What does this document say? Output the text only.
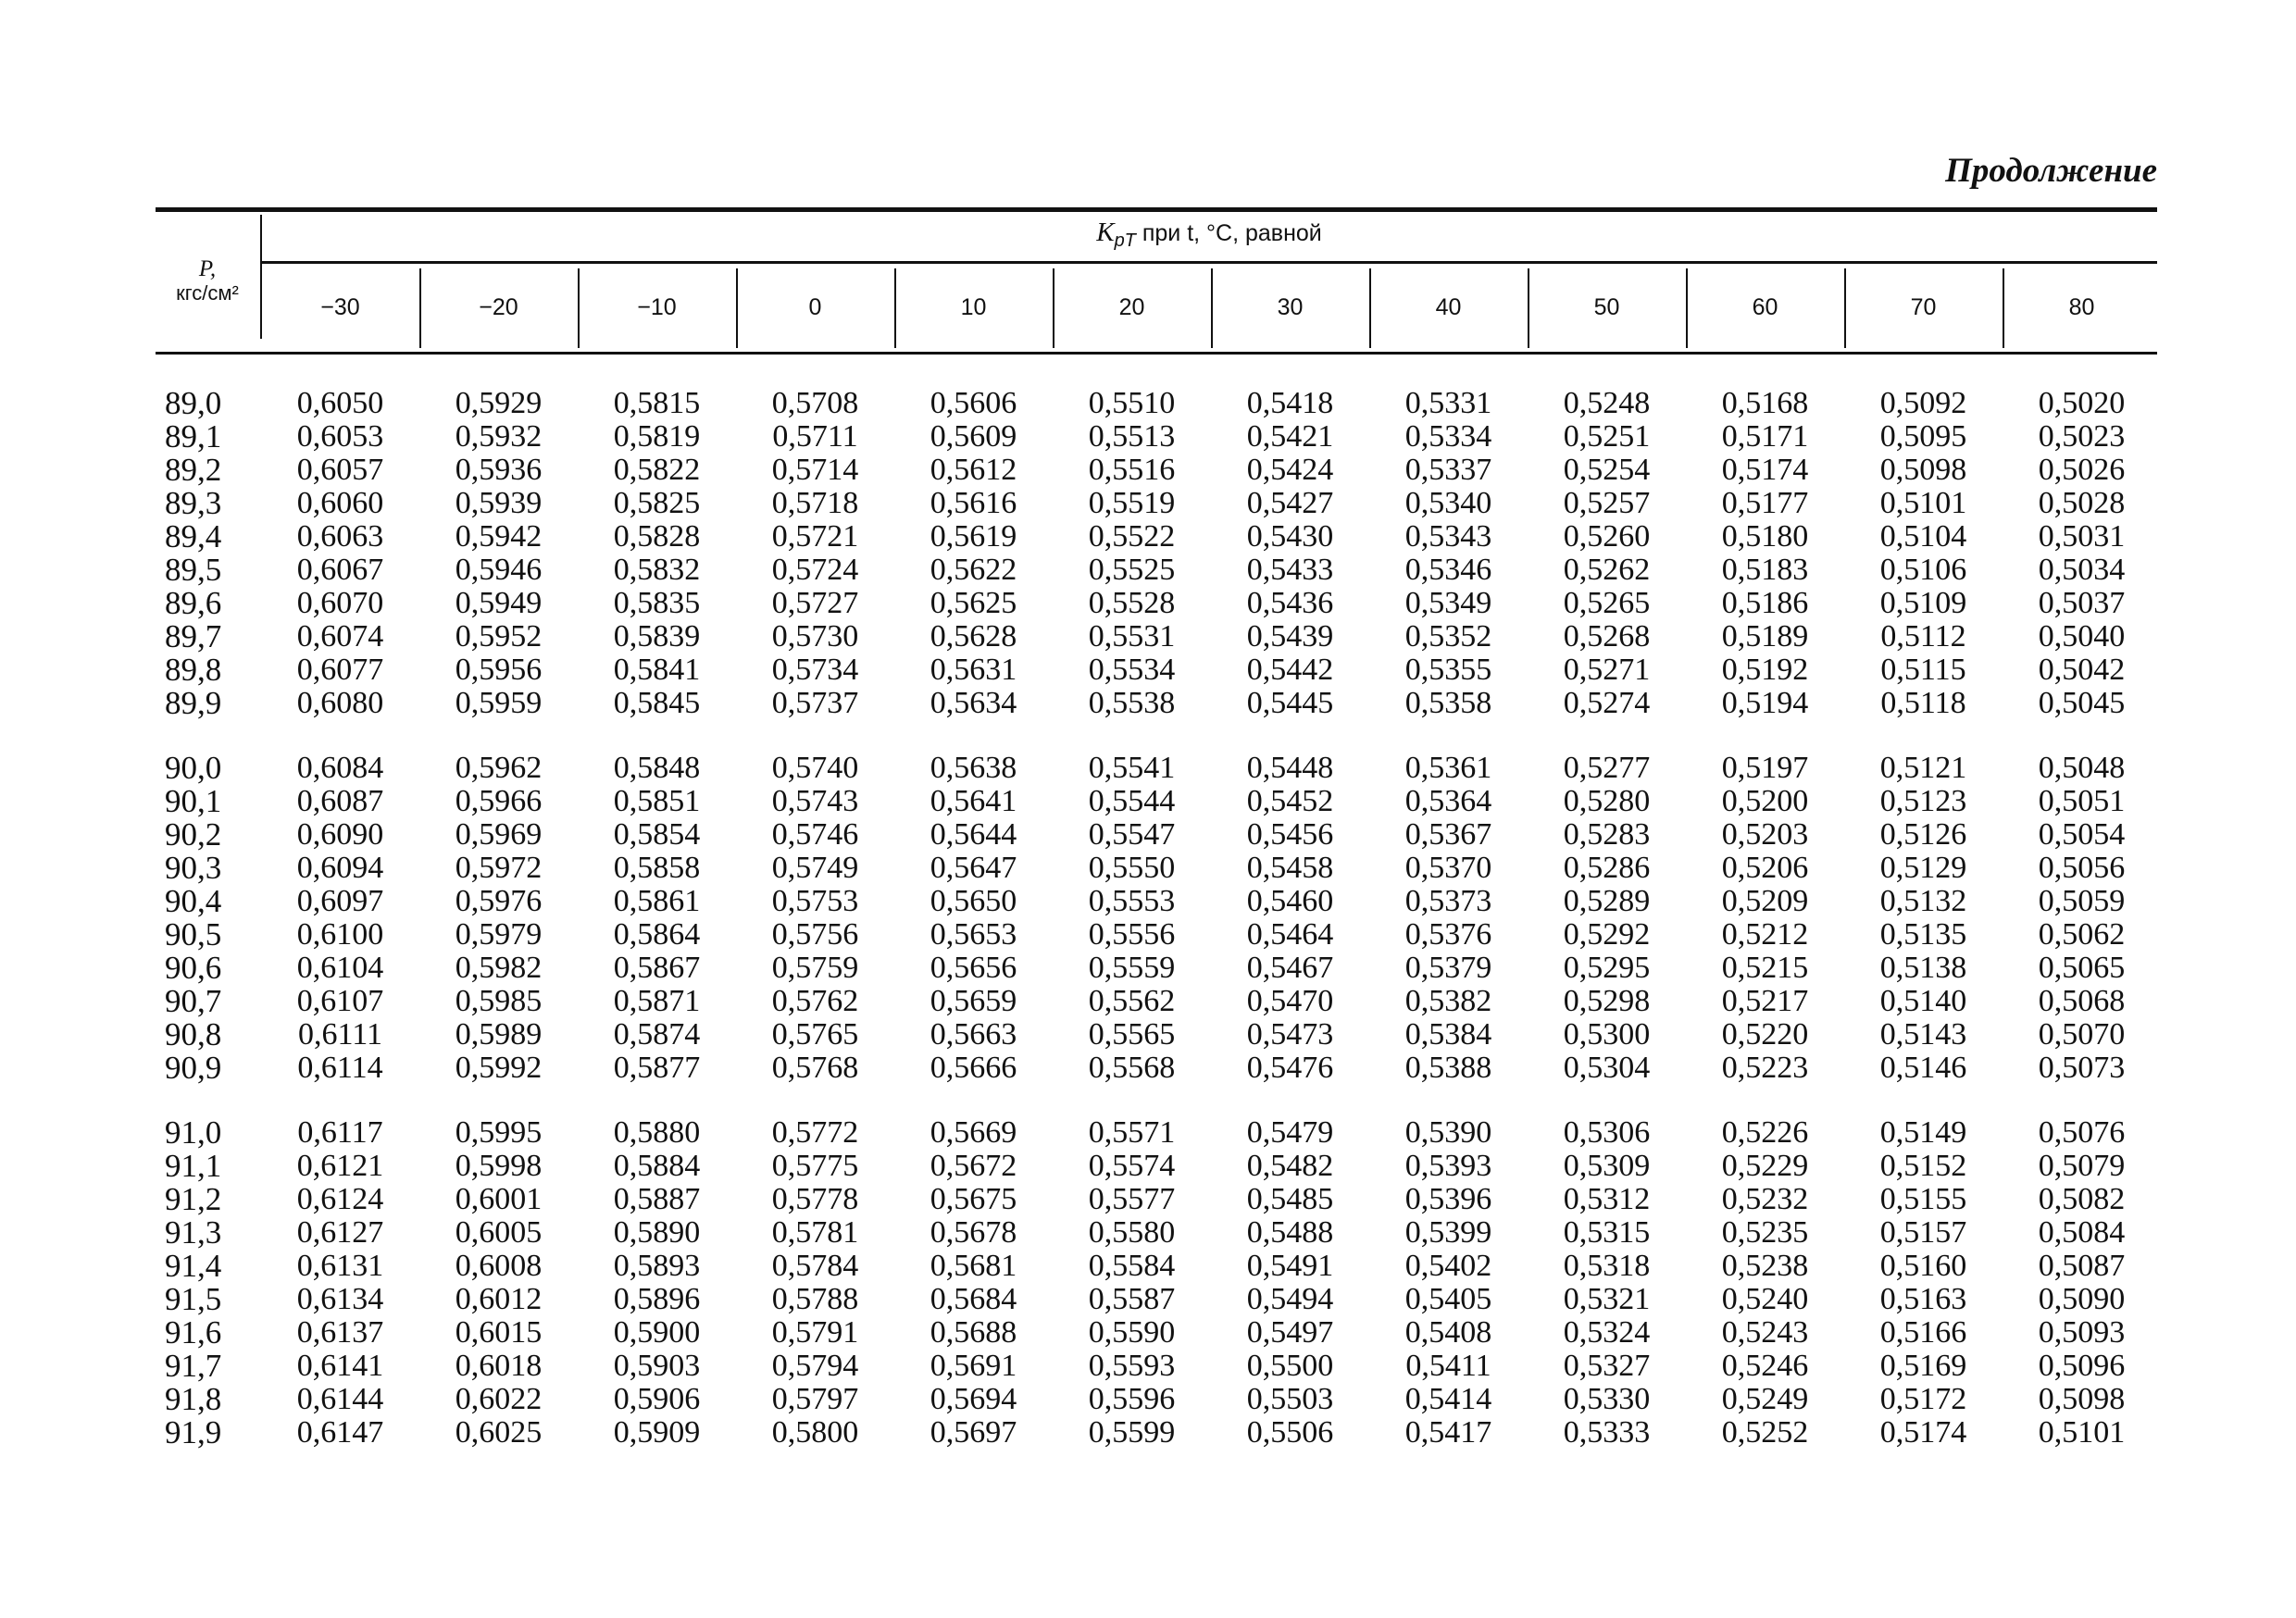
Продолжение
P,
кгс/см²
$K_{pT}$ при t, °C, равной
−30	−20	−10	0	10	20	30	40	50	60	70	80
89,0	0,6050	0,5929	0,5815	0,5708	0,5606	0,5510	0,5418	0,5331	0,5248	0,5168	0,5092	0,5020
89,1	0,6053	0,5932	0,5819	0,5711	0,5609	0,5513	0,5421	0,5334	0,5251	0,5171	0,5095	0,5023
89,2	0,6057	0,5936	0,5822	0,5714	0,5612	0,5516	0,5424	0,5337	0,5254	0,5174	0,5098	0,5026
89,3	0,6060	0,5939	0,5825	0,5718	0,5616	0,5519	0,5427	0,5340	0,5257	0,5177	0,5101	0,5028
89,4	0,6063	0,5942	0,5828	0,5721	0,5619	0,5522	0,5430	0,5343	0,5260	0,5180	0,5104	0,5031
89,5	0,6067	0,5946	0,5832	0,5724	0,5622	0,5525	0,5433	0,5346	0,5262	0,5183	0,5106	0,5034
89,6	0,6070	0,5949	0,5835	0,5727	0,5625	0,5528	0,5436	0,5349	0,5265	0,5186	0,5109	0,5037
89,7	0,6074	0,5952	0,5839	0,5730	0,5628	0,5531	0,5439	0,5352	0,5268	0,5189	0,5112	0,5040
89,8	0,6077	0,5956	0,5841	0,5734	0,5631	0,5534	0,5442	0,5355	0,5271	0,5192	0,5115	0,5042
89,9	0,6080	0,5959	0,5845	0,5737	0,5634	0,5538	0,5445	0,5358	0,5274	0,5194	0,5118	0,5045
90,0	0,6084	0,5962	0,5848	0,5740	0,5638	0,5541	0,5448	0,5361	0,5277	0,5197	0,5121	0,5048
90,1	0,6087	0,5966	0,5851	0,5743	0,5641	0,5544	0,5452	0,5364	0,5280	0,5200	0,5123	0,5051
90,2	0,6090	0,5969	0,5854	0,5746	0,5644	0,5547	0,5456	0,5367	0,5283	0,5203	0,5126	0,5054
90,3	0,6094	0,5972	0,5858	0,5749	0,5647	0,5550	0,5458	0,5370	0,5286	0,5206	0,5129	0,5056
90,4	0,6097	0,5976	0,5861	0,5753	0,5650	0,5553	0,5460	0,5373	0,5289	0,5209	0,5132	0,5059
90,5	0,6100	0,5979	0,5864	0,5756	0,5653	0,5556	0,5464	0,5376	0,5292	0,5212	0,5135	0,5062
90,6	0,6104	0,5982	0,5867	0,5759	0,5656	0,5559	0,5467	0,5379	0,5295	0,5215	0,5138	0,5065
90,7	0,6107	0,5985	0,5871	0,5762	0,5659	0,5562	0,5470	0,5382	0,5298	0,5217	0,5140	0,5068
90,8	0,6111	0,5989	0,5874	0,5765	0,5663	0,5565	0,5473	0,5384	0,5300	0,5220	0,5143	0,5070
90,9	0,6114	0,5992	0,5877	0,5768	0,5666	0,5568	0,5476	0,5388	0,5304	0,5223	0,5146	0,5073
91,0	0,6117	0,5995	0,5880	0,5772	0,5669	0,5571	0,5479	0,5390	0,5306	0,5226	0,5149	0,5076
91,1	0,6121	0,5998	0,5884	0,5775	0,5672	0,5574	0,5482	0,5393	0,5309	0,5229	0,5152	0,5079
91,2	0,6124	0,6001	0,5887	0,5778	0,5675	0,5577	0,5485	0,5396	0,5312	0,5232	0,5155	0,5082
91,3	0,6127	0,6005	0,5890	0,5781	0,5678	0,5580	0,5488	0,5399	0,5315	0,5235	0,5157	0,5084
91,4	0,6131	0,6008	0,5893	0,5784	0,5681	0,5584	0,5491	0,5402	0,5318	0,5238	0,5160	0,5087
91,5	0,6134	0,6012	0,5896	0,5788	0,5684	0,5587	0,5494	0,5405	0,5321	0,5240	0,5163	0,5090
91,6	0,6137	0,6015	0,5900	0,5791	0,5688	0,5590	0,5497	0,5408	0,5324	0,5243	0,5166	0,5093
91,7	0,6141	0,6018	0,5903	0,5794	0,5691	0,5593	0,5500	0,5411	0,5327	0,5246	0,5169	0,5096
91,8	0,6144	0,6022	0,5906	0,5797	0,5694	0,5596	0,5503	0,5414	0,5330	0,5249	0,5172	0,5098
91,9	0,6147	0,6025	0,5909	0,5800	0,5697	0,5599	0,5506	0,5417	0,5333	0,5252	0,5174	0,5101
